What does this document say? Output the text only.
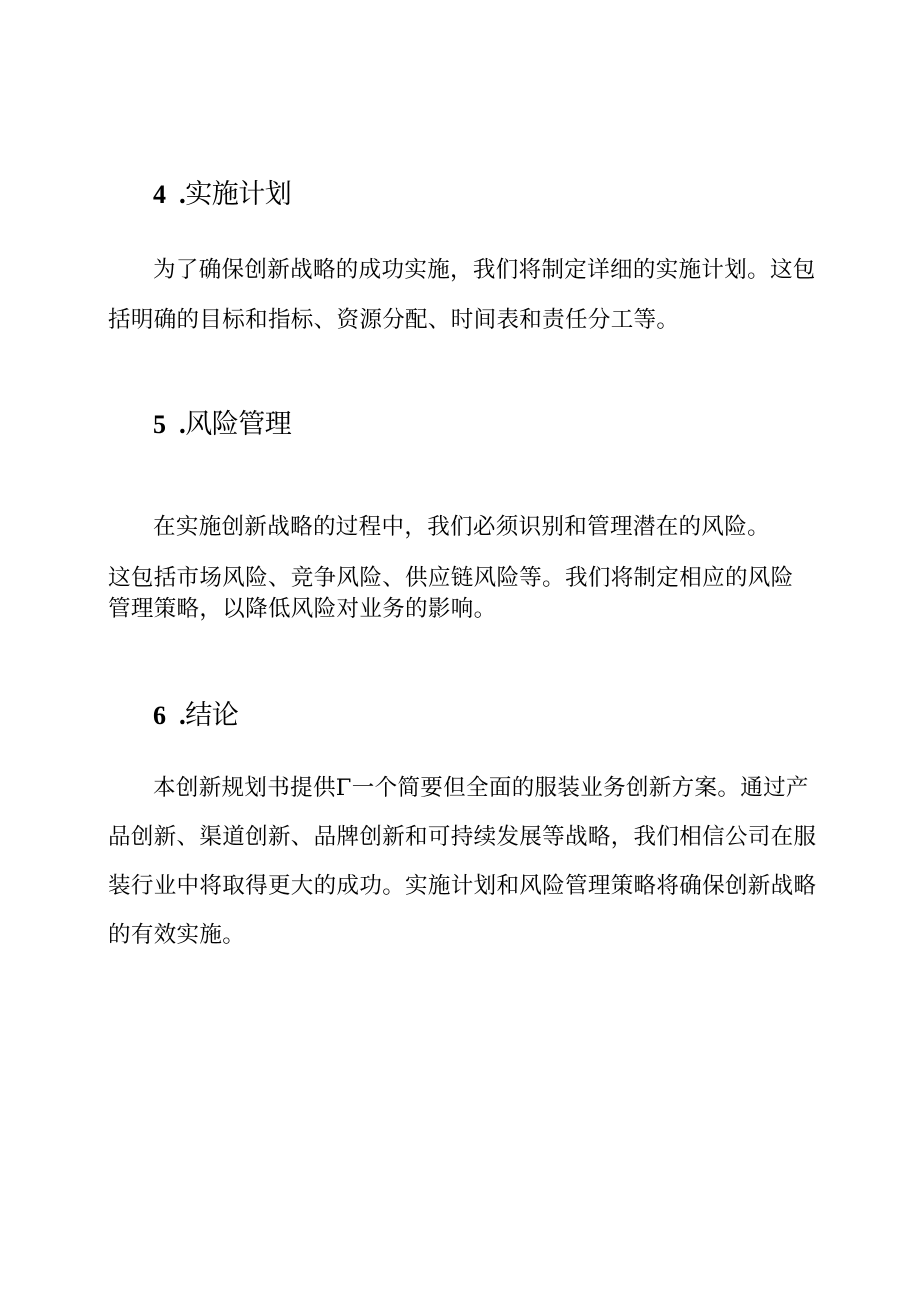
4 .实施计划
为了确保创新战略的成功实施，我们将制定详细的实施计划。这包
括明确的目标和指标、资源分配、时间表和责任分工等。
5 .风险管理
在实施创新战略的过程中，我们必须识别和管理潜在的风险。
这包括市场风险、竞争风险、供应链风险等。我们将制定相应的风险
管理策略，以降低风险对业务的影响。
6 .结论
本创新规划书提供Γ一个简要但全面的服装业务创新方案。通过产
品创新、渠道创新、品牌创新和可持续发展等战略，我们相信公司在服
装行业中将取得更大的成功。实施计划和风险管理策略将确保创新战略
的有效实施。
